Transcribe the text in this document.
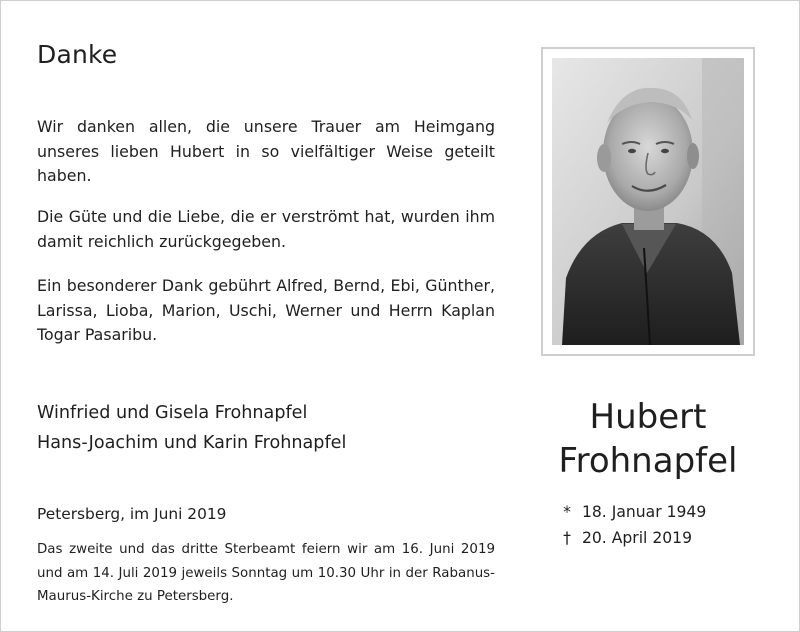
Danke

Wir danken allen, die unsere Trauer am Heimgang unseres lieben Hubert in so vielfältiger Weise geteilt haben.

Die Güte und die Liebe, die er verströmt hat, wurden ihm damit reichlich zurückgegeben.

Ein besonderer Dank gebührt Alfred, Bernd, Ebi, Günther, Larissa, Lioba, Marion, Uschi, Werner und Herrn Kaplan Togar Pasaribu.

Winfried und Gisela Frohnapfel
Hans-Joachim und Karin Frohnapfel

Petersberg, im Juni 2019

Das zweite und das dritte Sterbeamt feiern wir am 16. Juni 2019 und am 14. Juli 2019 jeweils Sonntag um 10.30 Uhr in der Rabanus-Maurus-Kirche zu Petersberg.

Hubert
Frohnapfel
* 18. Januar 1949
† 20. April 2019
